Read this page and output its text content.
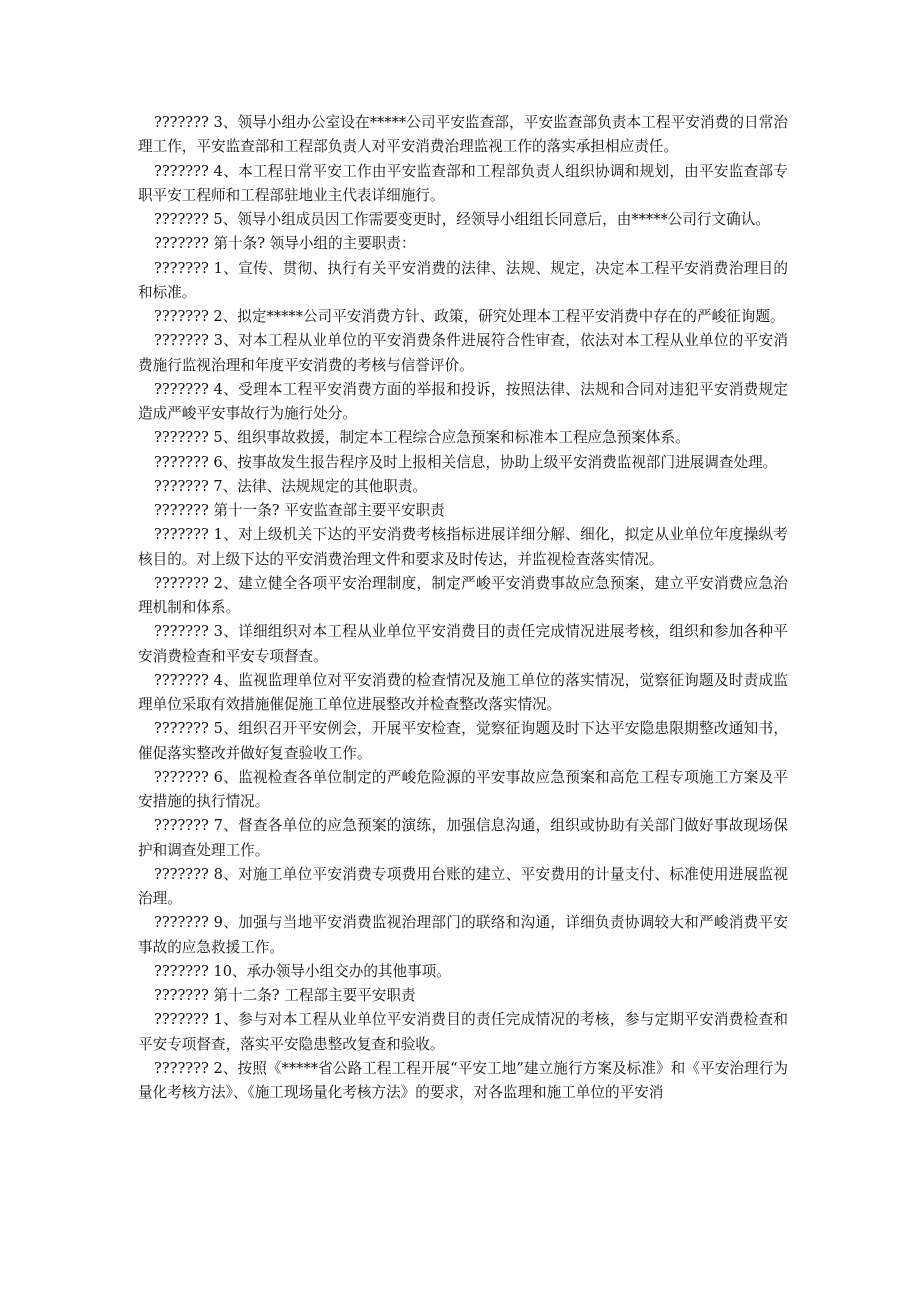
??????? 3、领导小组办公室设在*****公司平安监查部，平安监查部负责本工程平安消费的日常治理工作，平安监查部和工程部负责人对平安消费治理监视工作的落实承担相应责任。

??????? 4、本工程日常平安工作由平安监查部和工程部负责人组织协调和规划，由平安监查部专职平安工程师和工程部驻地业主代表详细施行。

??????? 5、领导小组成员因工作需要变更时，经领导小组组长同意后，由*****公司行文确认。

??????? 第十条? 领导小组的主要职责：

??????? 1、宣传、贯彻、执行有关平安消费的法律、法规、规定，决定本工程平安消费治理目的和标准。

??????? 2、拟定*****公司平安消费方针、政策，研究处理本工程平安消费中存在的严峻征询题。

??????? 3、对本工程从业单位的平安消费条件进展符合性审查，依法对本工程从业单位的平安消费施行监视治理和年度平安消费的考核与信誉评价。

??????? 4、受理本工程平安消费方面的举报和投诉，按照法律、法规和合同对违犯平安消费规定造成严峻平安事故行为施行处分。

??????? 5、组织事故救援，制定本工程综合应急预案和标准本工程应急预案体系。

??????? 6、按事故发生报告程序及时上报相关信息，协助上级平安消费监视部门进展调查处理。

??????? 7、法律、法规规定的其他职责。

??????? 第十一条? 平安监查部主要平安职责

??????? 1、对上级机关下达的平安消费考核指标进展详细分解、细化，拟定从业单位年度操纵考核目的。对上级下达的平安消费治理文件和要求及时传达，并监视检查落实情况。

??????? 2、建立健全各项平安治理制度，制定严峻平安消费事故应急预案，建立平安消费应急治理机制和体系。

??????? 3、详细组织对本工程从业单位平安消费目的责任完成情况进展考核，组织和参加各种平安消费检查和平安专项督查。

??????? 4、监视监理单位对平安消费的检查情况及施工单位的落实情况，觉察征询题及时责成监理单位采取有效措施催促施工单位进展整改并检查整改落实情况。

??????? 5、组织召开平安例会，开展平安检查，觉察征询题及时下达平安隐患限期整改通知书，催促落实整改并做好复查验收工作。

??????? 6、监视检查各单位制定的严峻危险源的平安事故应急预案和高危工程专项施工方案及平安措施的执行情况。

??????? 7、督查各单位的应急预案的演练，加强信息沟通，组织或协助有关部门做好事故现场保护和调查处理工作。

??????? 8、对施工单位平安消费专项费用台账的建立、平安费用的计量支付、标准使用进展监视治理。

??????? 9、加强与当地平安消费监视治理部门的联络和沟通，详细负责协调较大和严峻消费平安事故的应急救援工作。

??????? 10、承办领导小组交办的其他事项。

??????? 第十二条? 工程部主要平安职责

??????? 1、参与对本工程从业单位平安消费目的责任完成情况的考核，参与定期平安消费检查和平安专项督查，落实平安隐患整改复查和验收。

??????? 2、按照《*****省公路工程工程开展“平安工地”建立施行方案及标准》和《平安治理行为量化考核方法》、《施工现场量化考核方法》的要求，对各监理和施工单位的平安消
